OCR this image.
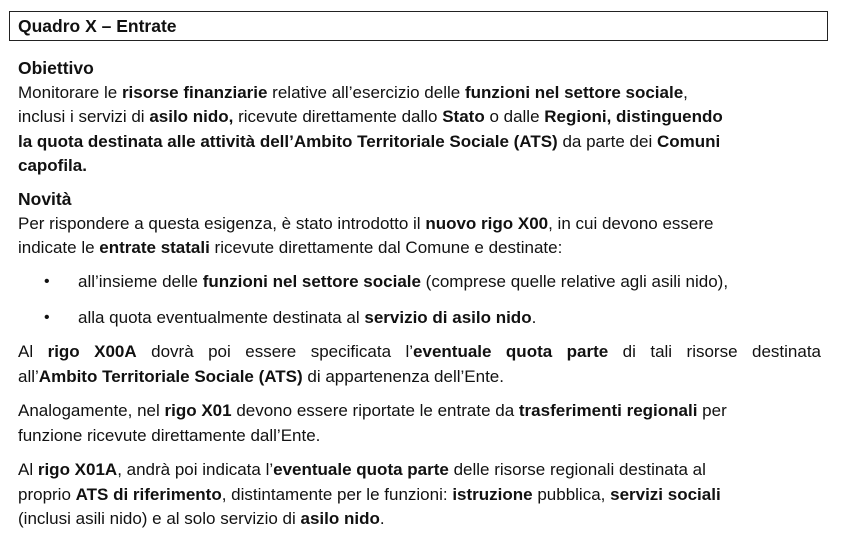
Quadro X – Entrate
Obiettivo
Monitorare le risorse finanziarie relative all’esercizio delle funzioni nel settore sociale,
inclusi i servizi di asilo nido, ricevute direttamente dallo Stato o dalle Regioni, distinguendo
la quota destinata alle attività dell’Ambito Territoriale Sociale (ATS) da parte dei Comuni
capofila.
Novità
Per rispondere a questa esigenza, è stato introdotto il nuovo rigo X00, in cui devono essere
indicate le entrate statali ricevute direttamente dal Comune e destinate:
• all’insieme delle funzioni nel settore sociale (comprese quelle relative agli asili nido),
• alla quota eventualmente destinata al servizio di asilo nido.
Al rigo X00A dovrà poi essere specificata l’eventuale quota parte di tali risorse destinata
all’Ambito Territoriale Sociale (ATS) di appartenenza dell’Ente.
Analogamente, nel rigo X01 devono essere riportate le entrate da trasferimenti regionali per
funzione ricevute direttamente dall’Ente.
Al rigo X01A, andrà poi indicata l’eventuale quota parte delle risorse regionali destinata al
proprio ATS di riferimento, distintamente per le funzioni: istruzione pubblica, servizi sociali
(inclusi asili nido) e al solo servizio di asilo nido.
